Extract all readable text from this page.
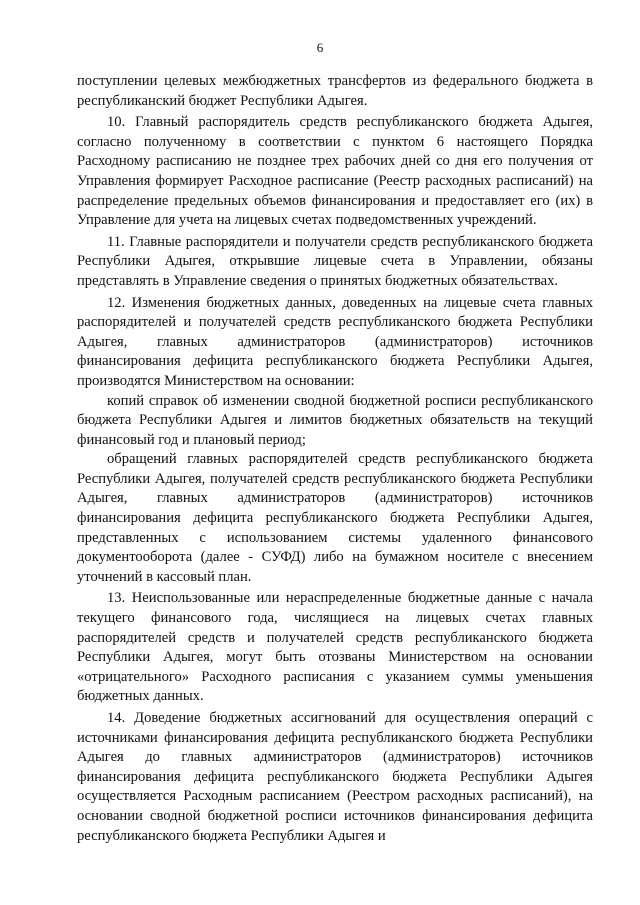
6

поступлении целевых межбюджетных трансфертов из федерального бюджета в республиканский бюджет Республики Адыгея.

10. Главный распорядитель средств республиканского бюджета Адыгея, согласно полученному в соответствии с пунктом 6 настоящего Порядка Расходному расписанию не позднее трех рабочих дней со дня его получения от Управления формирует Расходное расписание (Реестр расходных расписаний) на распределение предельных объемов финансирования и предоставляет его (их) в Управление для учета на лицевых счетах подведомственных учреждений.

11. Главные распорядители и получатели средств республиканского бюджета Республики Адыгея, открывшие лицевые счета в Управлении, обязаны представлять в Управление сведения о принятых бюджетных обязательствах.

12. Изменения бюджетных данных, доведенных на лицевые счета главных распорядителей и получателей средств республиканского бюджета Республики Адыгея, главных администраторов (администраторов) источников финансирования дефицита республиканского бюджета Республики Адыгея, производятся Министерством на основании:

копий справок об изменении сводной бюджетной росписи республиканского бюджета Республики Адыгея и лимитов бюджетных обязательств на текущий финансовый год и плановый период;

обращений главных распорядителей средств республиканского бюджета Республики Адыгея, получателей средств республиканского бюджета Республики Адыгея, главных администраторов (администраторов) источников финансирования дефицита республиканского бюджета Республики Адыгея, представленных с использованием системы удаленного финансового документооборота (далее - СУФД) либо на бумажном носителе с внесением уточнений в кассовый план.

13. Неиспользованные или нераспределенные бюджетные данные с начала текущего финансового года, числящиеся на лицевых счетах главных распорядителей средств и получателей средств республиканского бюджета Республики Адыгея, могут быть отозваны Министерством на основании «отрицательного» Расходного расписания с указанием суммы уменьшения бюджетных данных.

14. Доведение бюджетных ассигнований для осуществления операций с источниками финансирования дефицита республиканского бюджета Республики Адыгея до главных администраторов (администраторов) источников финансирования дефицита республиканского бюджета Республики Адыгея осуществляется Расходным расписанием (Реестром расходных расписаний), на основании сводной бюджетной росписи источников финансирования дефицита республиканского бюджета Республики Адыгея и
